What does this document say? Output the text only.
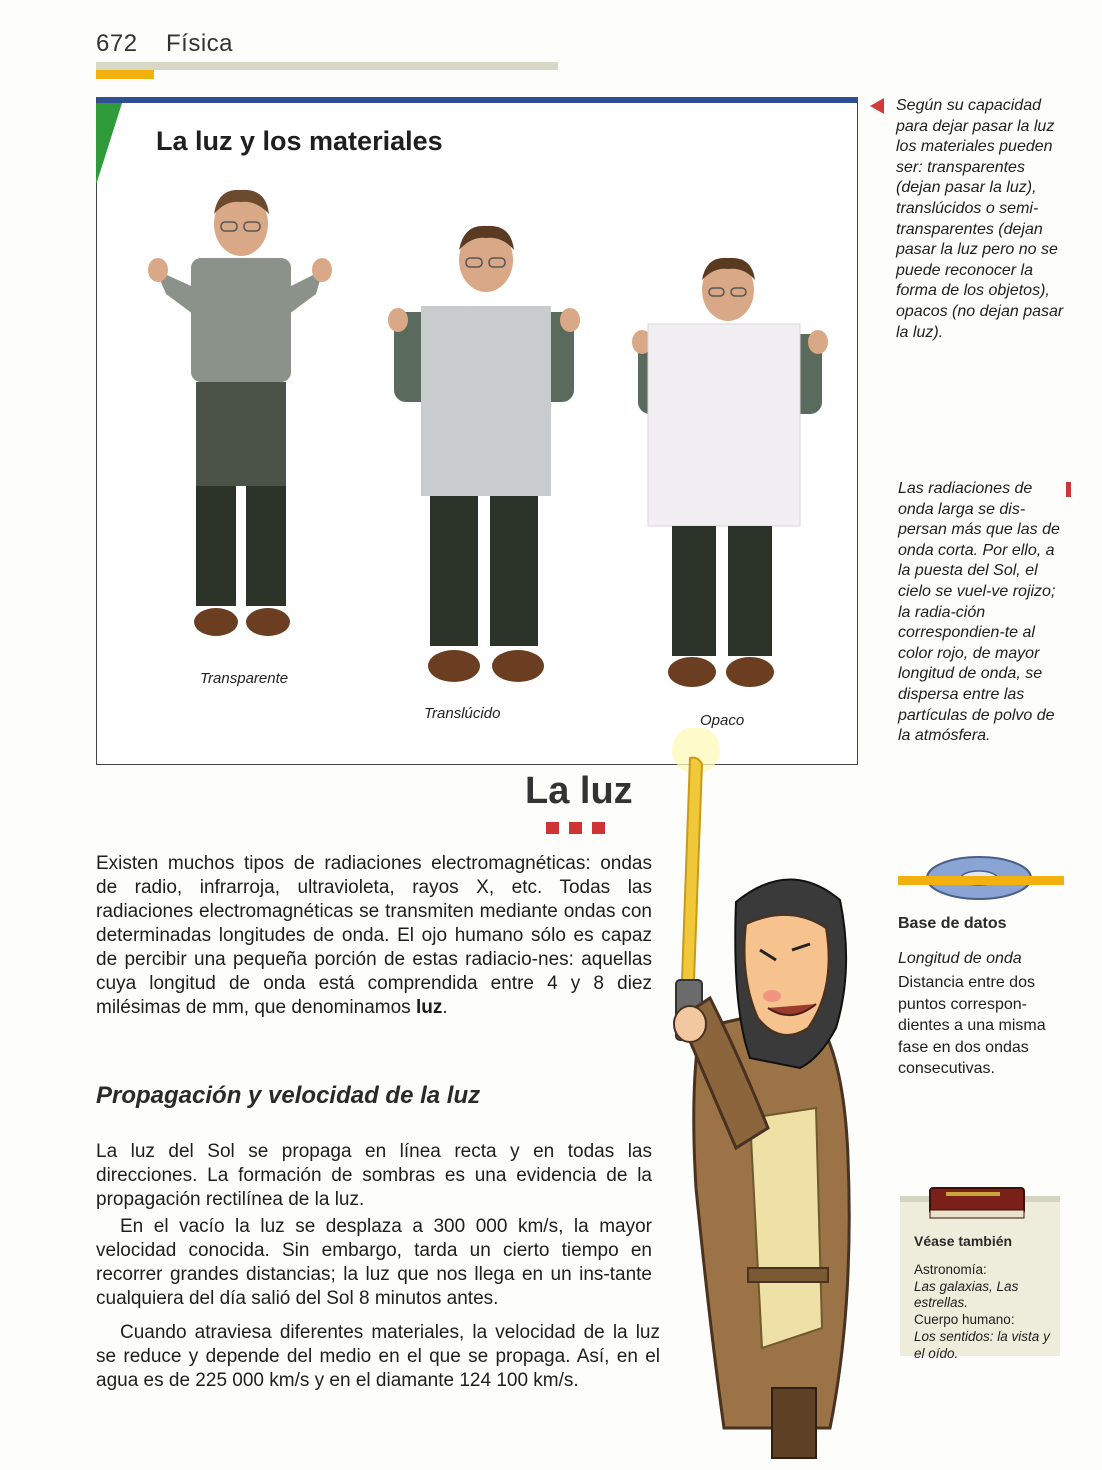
672 Física
La luz y los materiales
Transparente
Translúcido	Opaco
Según su capacidad para dejar pasar la luz los materiales pueden ser: transparentes (dejan pasar la luz), translúcidos o semi-transparentes (dejan pasar la luz pero no se puede reconocer la forma de los objetos), opacos (no dejan pasar la luz).
Las radiaciones de onda larga se dis-persan más que las de onda corta. Por ello, a la puesta del Sol, el cielo se vuel-ve rojizo; la radia-ción correspondien-te al color rojo, de mayor longitud de onda, se dispersa entre las partículas de polvo de la atmósfera.
La luz
Existen muchos tipos de radiaciones electromagnéticas: ondas de radio, infrarroja, ultravioleta, rayos X, etc. Todas las radiaciones electromagnéticas se transmiten mediante ondas con determinadas longitudes de onda. El ojo humano sólo es capaz de percibir una pequeña porción de estas radiacio-nes: aquellas cuya longitud de onda está comprendida entre 4 y 8 diez milésimas de mm, que denominamos luz.
Propagación y velocidad de la luz
La luz del Sol se propaga en línea recta y en todas las direcciones. La formación de sombras es una evidencia de la propagación rectilínea de la luz.
En el vacío la luz se desplaza a 300 000 km/s, la mayor velocidad conocida. Sin embargo, tarda un cierto tiempo en recorrer grandes distancias; la luz que nos llega en un ins-tante cualquiera del día salió del Sol 8 minutos antes.
Cuando atraviesa diferentes materiales, la velocidad de la luz se reduce y depende del medio en el que se propaga. Así, en el agua es de 225 000 km/s y en el diamante 124 100 km/s.
Base de datos
Longitud de onda
Distancia entre dos puntos correspon-dientes a una misma fase en dos ondas consecutivas.
Véase también
Astronomía:
Las galaxias, Las estrellas.
Cuerpo humano:
Los sentidos: la vista y el oído.
